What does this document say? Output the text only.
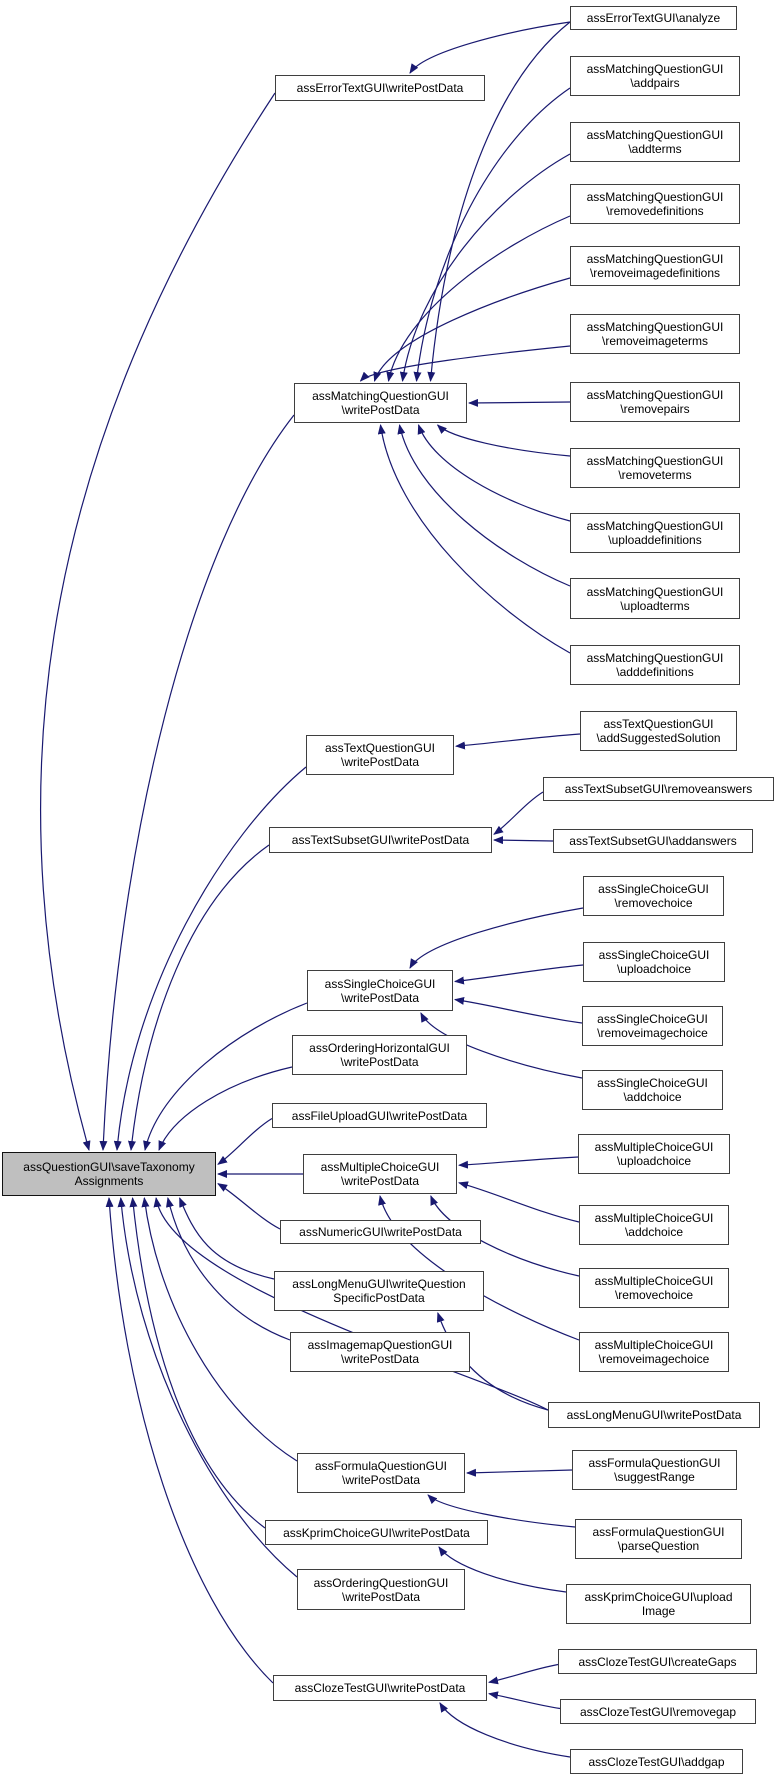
assQuestionGUI\saveTaxonomy
Assignments
assErrorTextGUI\writePostData
assMatchingQuestionGUI
\writePostData
assTextQuestionGUI
\writePostData
assTextSubsetGUI\writePostData
assSingleChoiceGUI
\writePostData
assOrderingHorizontalGUI
\writePostData
assFileUploadGUI\writePostData
assMultipleChoiceGUI
\writePostData
assNumericGUI\writePostData
assLongMenuGUI\writeQuestion
SpecificPostData
assImagemapQuestionGUI
\writePostData
assFormulaQuestionGUI
\writePostData
assKprimChoiceGUI\writePostData
assOrderingQuestionGUI
\writePostData
assClozeTestGUI\writePostData
assErrorTextGUI\analyze
assMatchingQuestionGUI
\addpairs
assMatchingQuestionGUI
\addterms
assMatchingQuestionGUI
\removedefinitions
assMatchingQuestionGUI
\removeimagedefinitions
assMatchingQuestionGUI
\removeimageterms
assMatchingQuestionGUI
\removepairs
assMatchingQuestionGUI
\removeterms
assMatchingQuestionGUI
\uploaddefinitions
assMatchingQuestionGUI
\uploadterms
assMatchingQuestionGUI
\adddefinitions
assTextQuestionGUI
\addSuggestedSolution
assTextSubsetGUI\removeanswers
assTextSubsetGUI\addanswers
assSingleChoiceGUI
\removechoice
assSingleChoiceGUI
\uploadchoice
assSingleChoiceGUI
\removeimagechoice
assSingleChoiceGUI
\addchoice
assMultipleChoiceGUI
\uploadchoice
assMultipleChoiceGUI
\addchoice
assMultipleChoiceGUI
\removechoice
assMultipleChoiceGUI
\removeimagechoice
assLongMenuGUI\writePostData
assFormulaQuestionGUI
\suggestRange
assFormulaQuestionGUI
\parseQuestion
assKprimChoiceGUI\upload
Image
assClozeTestGUI\createGaps
assClozeTestGUI\removegap
assClozeTestGUI\addgap
